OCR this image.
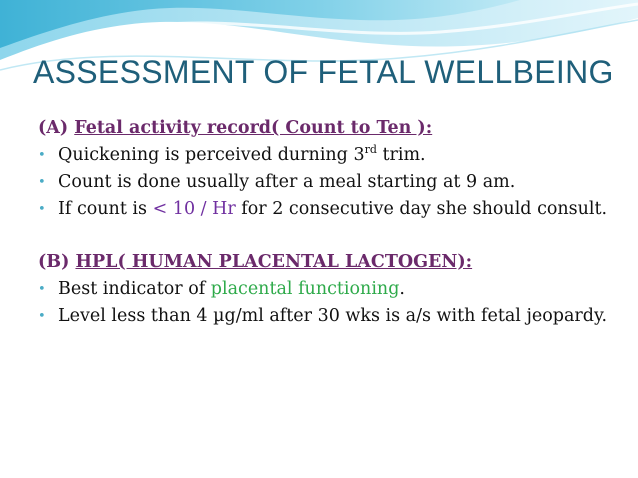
ASSESSMENT OF FETAL WELLBEING
(A) Fetal activity record( Count to Ten ):
• Quickening is perceived durning 3rd trim.
• Count is done usually after a meal starting at 9 am.
• If count is < 10 / Hr for 2 consecutive day she should consult.
(B) HPL( HUMAN PLACENTAL LACTOGEN):
• Best indicator of placental functioning.
• Level less than 4 µg/ml after 30 wks is a/s with fetal jeopardy.
